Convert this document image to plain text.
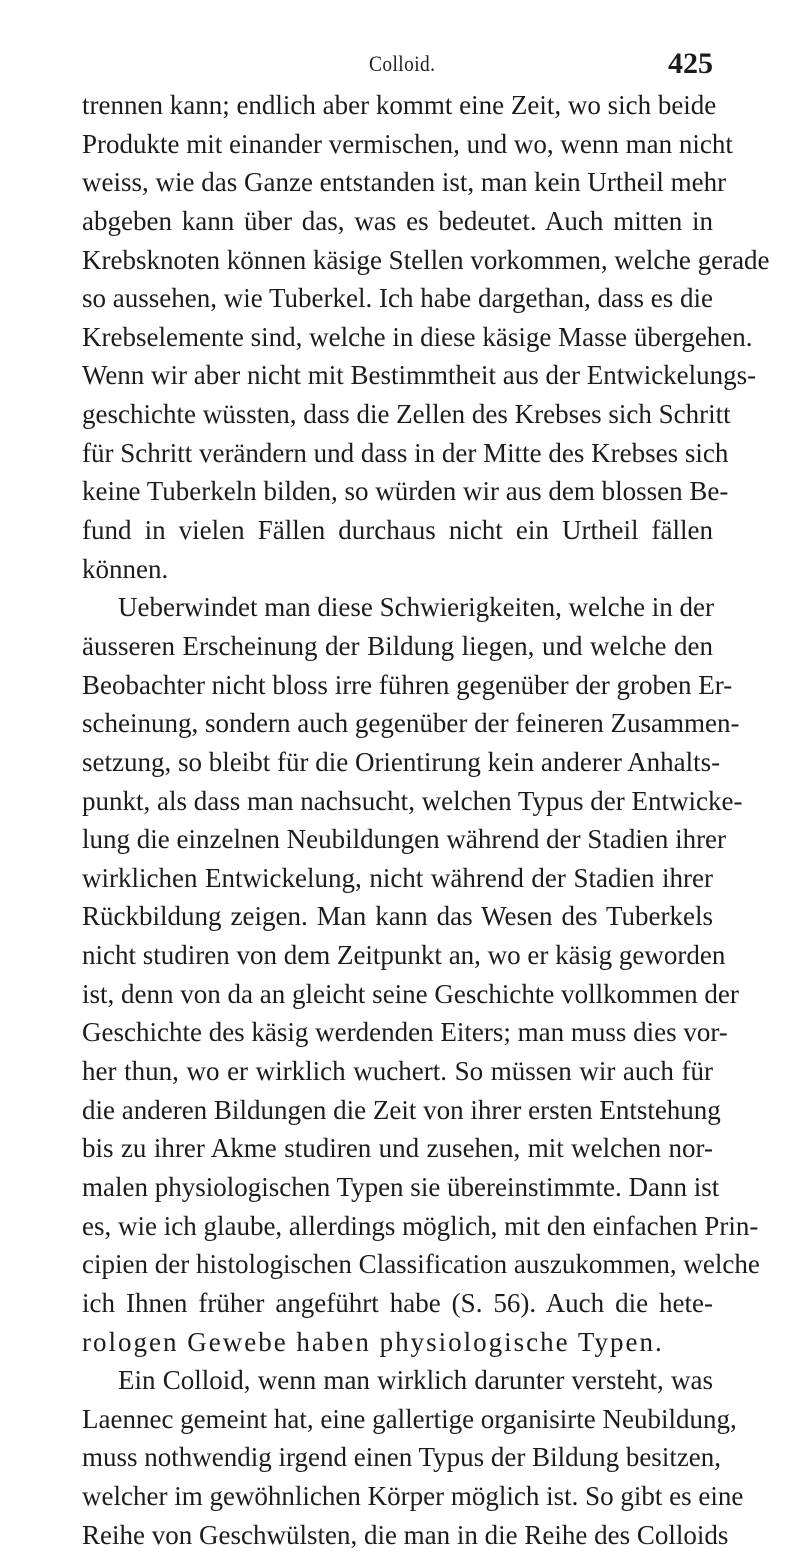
Colloid.	425
trennen kann; endlich aber kommt eine Zeit, wo sich beide
Produkte mit einander vermischen, und wo, wenn man nicht
weiss, wie das Ganze entstanden ist, man kein Urtheil mehr
abgeben kann über das, was es bedeutet. Auch mitten in
Krebsknoten können käsige Stellen vorkommen, welche gerade
so aussehen, wie Tuberkel. Ich habe dargethan, dass es die
Krebselemente sind, welche in diese käsige Masse übergehen.
Wenn wir aber nicht mit Bestimmtheit aus der Entwickelungs-
geschichte wüssten, dass die Zellen des Krebses sich Schritt
für Schritt verändern und dass in der Mitte des Krebses sich
keine Tuberkeln bilden, so würden wir aus dem blossen Be-
fund in vielen Fällen durchaus nicht ein Urtheil fällen
können.
Ueberwindet man diese Schwierigkeiten, welche in der
äusseren Erscheinung der Bildung liegen, und welche den
Beobachter nicht bloss irre führen gegenüber der groben Er-
scheinung, sondern auch gegenüber der feineren Zusammen-
setzung, so bleibt für die Orientirung kein anderer Anhalts-
punkt, als dass man nachsucht, welchen Typus der Entwicke-
lung die einzelnen Neubildungen während der Stadien ihrer
wirklichen Entwickelung, nicht während der Stadien ihrer
Rückbildung zeigen. Man kann das Wesen des Tuberkels
nicht studiren von dem Zeitpunkt an, wo er käsig geworden
ist, denn von da an gleicht seine Geschichte vollkommen der
Geschichte des käsig werdenden Eiters; man muss dies vor-
her thun, wo er wirklich wuchert. So müssen wir auch für
die anderen Bildungen die Zeit von ihrer ersten Entstehung
bis zu ihrer Akme studiren und zusehen, mit welchen nor-
malen physiologischen Typen sie übereinstimmte. Dann ist
es, wie ich glaube, allerdings möglich, mit den einfachen Prin-
cipien der histologischen Classification auszukommen, welche
ich Ihnen früher angeführt habe (S. 56). Auch die hete-
rologen Gewebe haben physiologische Typen.
Ein Colloid, wenn man wirklich darunter versteht, was
Laennec gemeint hat, eine gallertige organisirte Neubildung,
muss nothwendig irgend einen Typus der Bildung besitzen,
welcher im gewöhnlichen Körper möglich ist. So gibt es eine
Reihe von Geschwülsten, die man in die Reihe des Colloids
